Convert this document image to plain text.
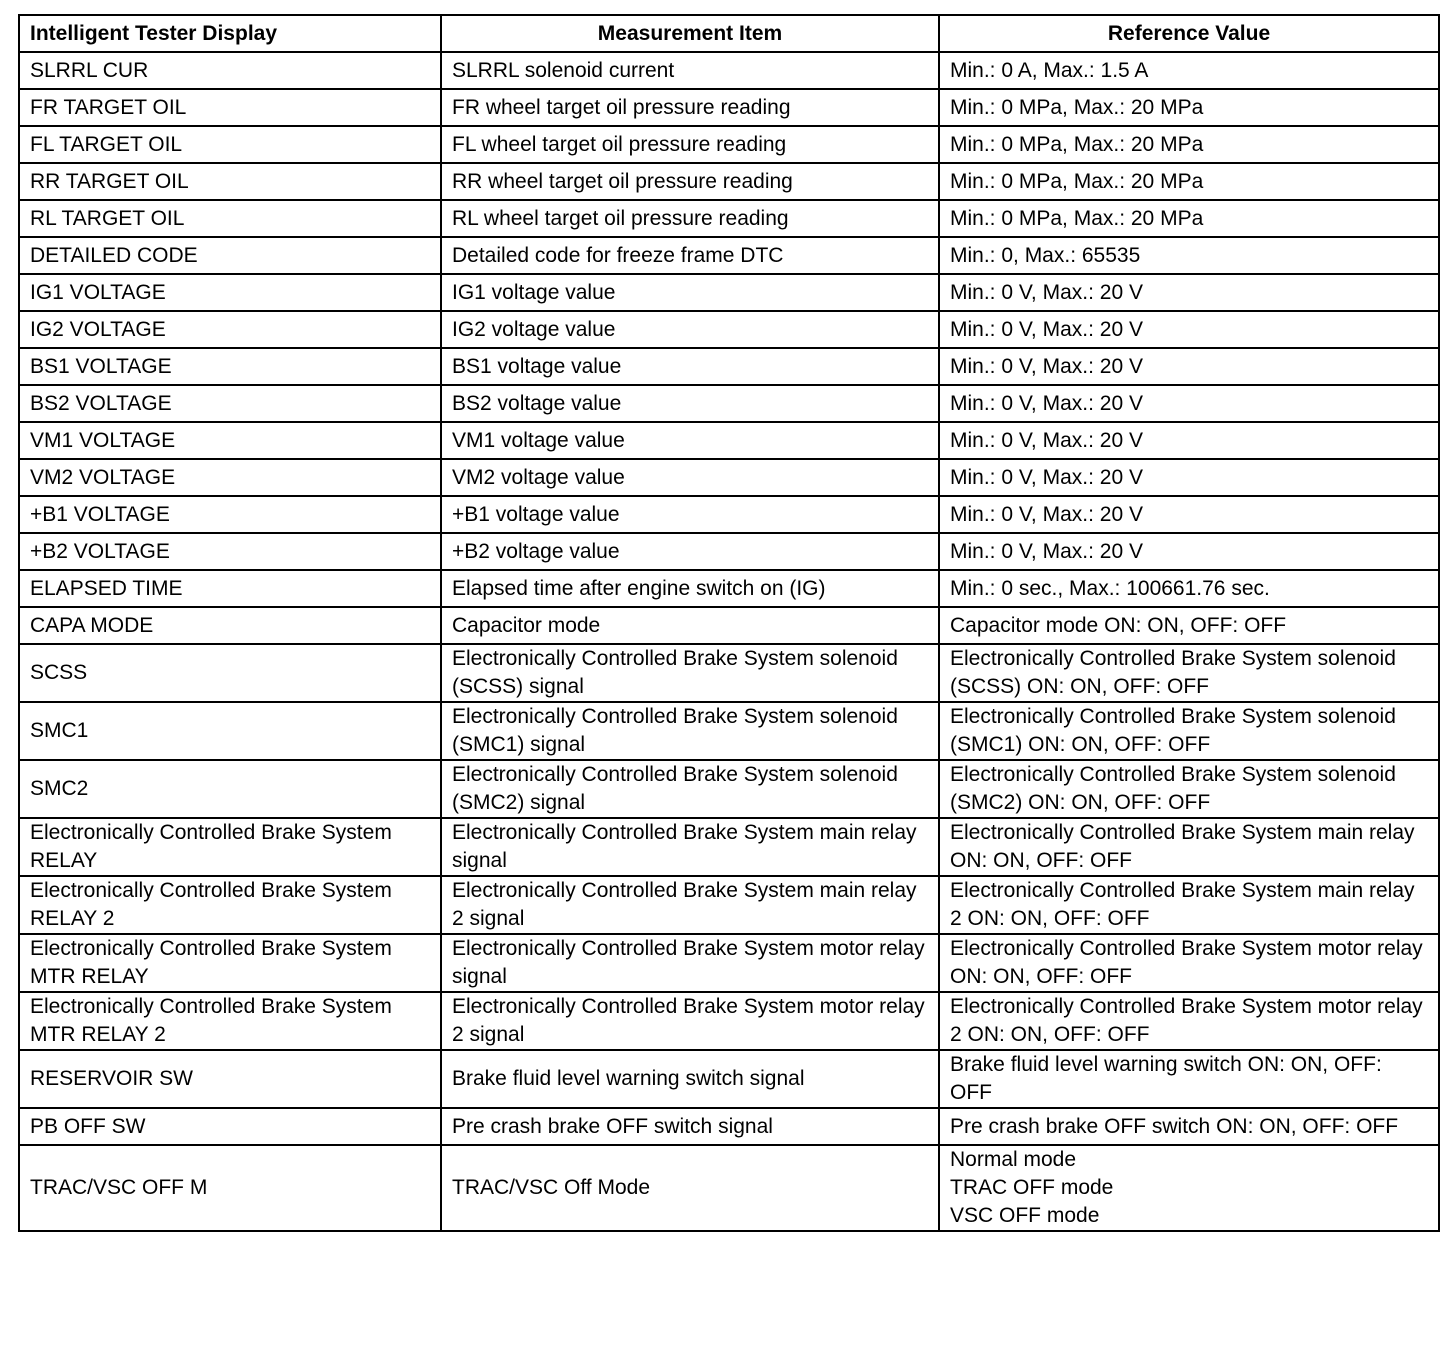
Intelligent Tester Display	Measurement Item	Reference Value
SLRRL CUR	SLRRL solenoid current	Min.: 0 A, Max.: 1.5 A
FR TARGET OIL	FR wheel target oil pressure reading	Min.: 0 MPa, Max.: 20 MPa
FL TARGET OIL	FL wheel target oil pressure reading	Min.: 0 MPa, Max.: 20 MPa
RR TARGET OIL	RR wheel target oil pressure reading	Min.: 0 MPa, Max.: 20 MPa
RL TARGET OIL	RL wheel target oil pressure reading	Min.: 0 MPa, Max.: 20 MPa
DETAILED CODE	Detailed code for freeze frame DTC	Min.: 0, Max.: 65535
IG1 VOLTAGE	IG1 voltage value	Min.: 0 V, Max.: 20 V
IG2 VOLTAGE	IG2 voltage value	Min.: 0 V, Max.: 20 V
BS1 VOLTAGE	BS1 voltage value	Min.: 0 V, Max.: 20 V
BS2 VOLTAGE	BS2 voltage value	Min.: 0 V, Max.: 20 V
VM1 VOLTAGE	VM1 voltage value	Min.: 0 V, Max.: 20 V
VM2 VOLTAGE	VM2 voltage value	Min.: 0 V, Max.: 20 V
+B1 VOLTAGE	+B1 voltage value	Min.: 0 V, Max.: 20 V
+B2 VOLTAGE	+B2 voltage value	Min.: 0 V, Max.: 20 V
ELAPSED TIME	Elapsed time after engine switch on (IG)	Min.: 0 sec., Max.: 100661.76 sec.
CAPA MODE	Capacitor mode	Capacitor mode ON: ON, OFF: OFF
SCSS	Electronically Controlled Brake System solenoid (SCSS) signal	Electronically Controlled Brake System solenoid (SCSS) ON: ON, OFF: OFF
SMC1	Electronically Controlled Brake System solenoid (SMC1) signal	Electronically Controlled Brake System solenoid (SMC1) ON: ON, OFF: OFF
SMC2	Electronically Controlled Brake System solenoid (SMC2) signal	Electronically Controlled Brake System solenoid (SMC2) ON: ON, OFF: OFF
Electronically Controlled Brake System RELAY	Electronically Controlled Brake System main relay signal	Electronically Controlled Brake System main relay ON: ON, OFF: OFF
Electronically Controlled Brake System RELAY 2	Electronically Controlled Brake System main relay 2 signal	Electronically Controlled Brake System main relay 2 ON: ON, OFF: OFF
Electronically Controlled Brake System MTR RELAY	Electronically Controlled Brake System motor relay signal	Electronically Controlled Brake System motor relay ON: ON, OFF: OFF
Electronically Controlled Brake System MTR RELAY 2	Electronically Controlled Brake System motor relay 2 signal	Electronically Controlled Brake System motor relay 2 ON: ON, OFF: OFF
RESERVOIR SW	Brake fluid level warning switch signal	Brake fluid level warning switch ON: ON, OFF: OFF
PB OFF SW	Pre crash brake OFF switch signal	Pre crash brake OFF switch ON: ON, OFF: OFF
TRAC/VSC OFF M	TRAC/VSC Off Mode	Normal mode
TRAC OFF mode
VSC OFF mode
